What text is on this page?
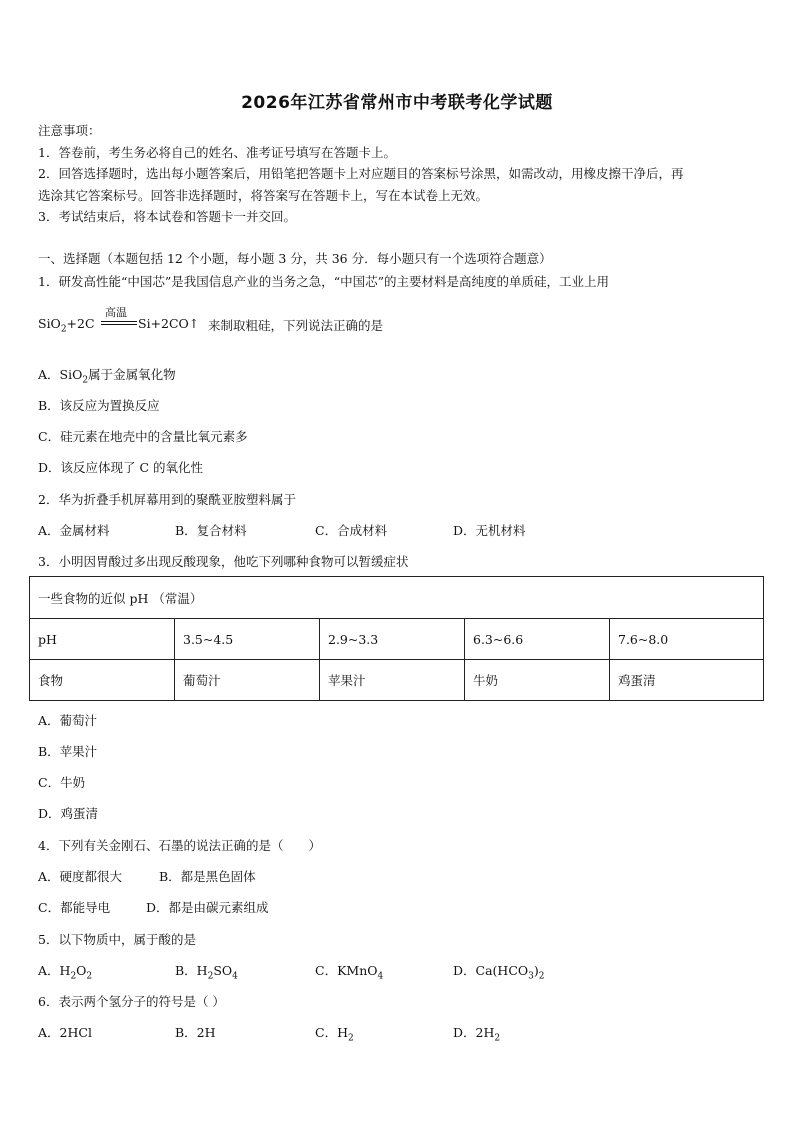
2026年江苏省常州市中考联考化学试题
注意事项：
1．答卷前，考生务必将自己的姓名、准考证号填写在答题卡上。
2．回答选择题时，选出每小题答案后，用铅笔把答题卡上对应题目的答案标号涂黑，如需改动，用橡皮擦干净后，再
选涂其它答案标号。回答非选择题时，将答案写在答题卡上，写在本试卷上无效。
3．考试结束后，将本试卷和答题卡一并交回。
一、选择题（本题包括 12 个小题，每小题 3 分，共 36 分．每小题只有一个选项符合题意）
1．研发高性能“中国芯”是我国信息产业的当务之急，“中国芯”的主要材料是高纯度的单质硅，工业上用
SiO$_2$+2C
高温
Si+2CO↑ 来制取粗硅，下列说法正确的是
A．SiO$_2$属于金属氧化物
B．该反应为置换反应
C．硅元素在地壳中的含量比氧元素多
D．该反应体现了 C 的氧化性
2．华为折叠手机屏幕用到的聚酰亚胺塑料属于
A．金属材料	B．复合材料	C．合成材料	D．无机材料
3．小明因胃酸过多出现反酸现象，他吃下列哪种食物可以暂缓症状
一些食物的近似 pH （常温）				
pH	3.5~4.5	2.9~3.3	6.3~6.6	7.6~8.0
食物	葡萄汁	苹果汁	牛奶	鸡蛋清
A．葡萄汁
B．苹果汁
C．牛奶
D．鸡蛋清
4．下列有关金刚石、石墨的说法正确的是（　　）
A．硬度都很大	B．都是黑色固体
C．都能导电	D．都是由碳元素组成
5．以下物质中，属于酸的是
A．$H_2O_2$	B．$H_2SO_4$	C．KMnO$_4$	D．$Ca(HCO_3)_2$
6．表示两个氢分子的符号是（ ）
A．2HCl	B．2H	C．$H_2$	D．$2H_2$
